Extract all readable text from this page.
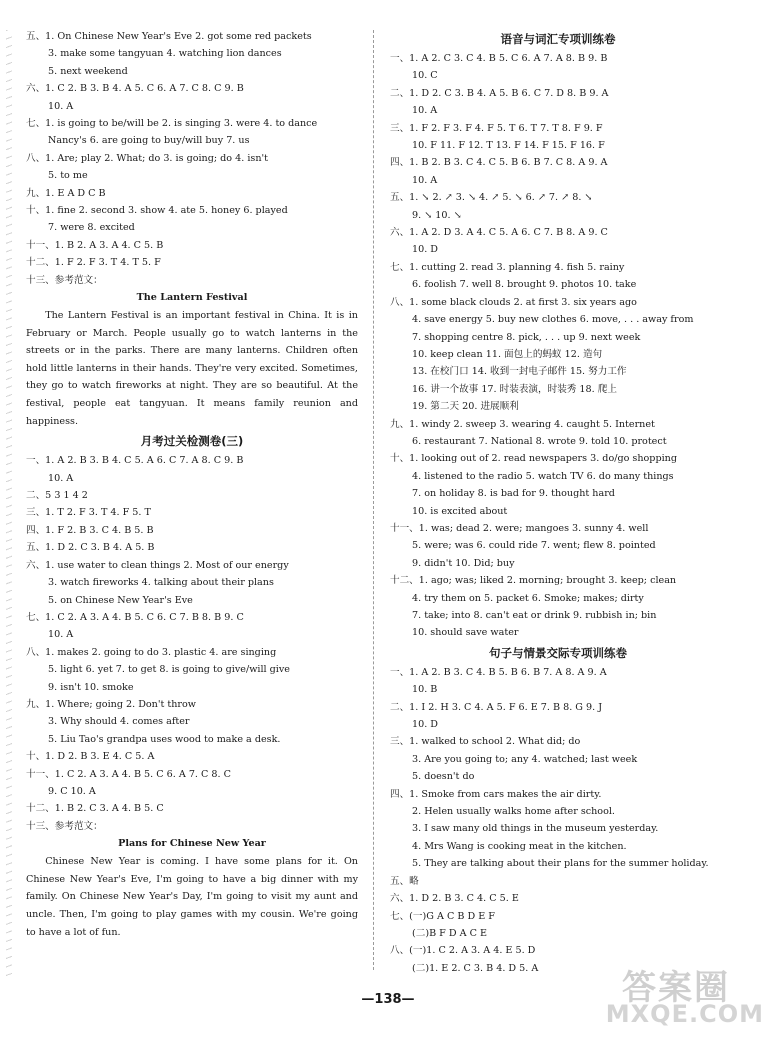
五、1. On Chinese New Year's Eve 2. got some red packets
3. make some tangyuan 4. watching lion dances
5. next weekend
六、1. C 2. B 3. B 4. A 5. C 6. A 7. C 8. C 9. B
10. A
七、1. is going to be/will be 2. is singing 3. were 4. to dance
Nancy's 6. are going to buy/will buy 7. us
八、1. Are; play 2. What; do 3. is going; do 4. isn't
5. to me
九、1. E A D C B
十、1. fine 2. second 3. show 4. ate 5. honey 6. played
7. were 8. excited
十一、1. B 2. A 3. A 4. C 5. B
十二、1. F 2. F 3. T 4. T 5. F
十三、参考范文：
The Lantern Festival
The Lantern Festival is an important festival in China. It is in February or March. People usually go to watch lanterns in the streets or in the parks. There are many lanterns. Children often hold little lanterns in their hands. They're very excited. Sometimes, they go to watch fireworks at night. They are so beautiful. At the festival, people eat tangyuan. It means family reunion and happiness.
月考过关检测卷(三)
一、1. A 2. B 3. B 4. C 5. A 6. C 7. A 8. C 9. B
10. A
二、5 3 1 4 2
三、1. T 2. F 3. T 4. F 5. T
四、1. F 2. B 3. C 4. B 5. B
五、1. D 2. C 3. B 4. A 5. B
六、1. use water to clean things 2. Most of our energy
3. watch fireworks 4. talking about their plans
5. on Chinese New Year's Eve
七、1. C 2. A 3. A 4. B 5. C 6. C 7. B 8. B 9. C
10. A
八、1. makes 2. going to do 3. plastic 4. are singing
5. light 6. yet 7. to get 8. is going to give/will give
9. isn't 10. smoke
九、1. Where; going 2. Don't throw
3. Why should 4. comes after
5. Liu Tao's grandpa uses wood to make a desk.
十、1. D 2. B 3. E 4. C 5. A
十一、1. C 2. A 3. A 4. B 5. C 6. A 7. C 8. C
9. C 10. A
十二、1. B 2. C 3. A 4. B 5. C
十三、参考范文：
Plans for Chinese New Year
Chinese New Year is coming. I have some plans for it. On Chinese New Year's Eve, I'm going to have a big dinner with my family. On Chinese New Year's Day, I'm going to visit my aunt and uncle. Then, I'm going to play games with my cousin. We're going to have a lot of fun.
语音与词汇专项训练卷
一、1. A 2. C 3. C 4. B 5. C 6. A 7. A 8. B 9. B
10. C
二、1. D 2. C 3. B 4. A 5. B 6. C 7. D 8. B 9. A
10. A
三、1. F 2. F 3. F 4. F 5. T 6. T 7. T 8. F 9. F
10. F 11. F 12. T 13. F 14. F 15. F 16. F
四、1. B 2. B 3. C 4. C 5. B 6. B 7. C 8. A 9. A
10. A
五、1. ↘ 2. ↗ 3. ↘ 4. ↗ 5. ↘ 6. ↗ 7. ↗ 8. ↘
9. ↘ 10. ↘
六、1. A 2. D 3. A 4. C 5. A 6. C 7. B 8. A 9. C
10. D
七、1. cutting 2. read 3. planning 4. fish 5. rainy
6. foolish 7. well 8. brought 9. photos 10. take
八、1. some black clouds 2. at first 3. six years ago
4. save energy 5. buy new clothes 6. move, . . . away from
7. shopping centre 8. pick, . . . up 9. next week
10. keep clean 11. 面包上的蚂蚁 12. 造句
13. 在校门口 14. 收到一封电子邮件 15. 努力工作
16. 讲一个故事 17. 时装表演，时装秀 18. 爬上
19. 第二天 20. 进展顺利
九、1. windy 2. sweep 3. wearing 4. caught 5. Internet
6. restaurant 7. National 8. wrote 9. told 10. protect
十、1. looking out of 2. read newspapers 3. do/go shopping
4. listened to the radio 5. watch TV 6. do many things
7. on holiday 8. is bad for 9. thought hard
10. is excited about
十一、1. was; dead 2. were; mangoes 3. sunny 4. well
5. were; was 6. could ride 7. went; flew 8. pointed
9. didn't 10. Did; buy
十二、1. ago; was; liked 2. morning; brought 3. keep; clean
4. try them on 5. packet 6. Smoke; makes; dirty
7. take; into 8. can't eat or drink 9. rubbish in; bin
10. should save water
句子与情景交际专项训练卷
一、1. A 2. B 3. C 4. B 5. B 6. B 7. A 8. A 9. A
10. B
二、1. I 2. H 3. C 4. A 5. F 6. E 7. B 8. G 9. J
10. D
三、1. walked to school 2. What did; do
3. Are you going to; any 4. watched; last week
5. doesn't do
四、1. Smoke from cars makes the air dirty.
2. Helen usually walks home after school.
3. I saw many old things in the museum yesterday.
4. Mrs Wang is cooking meat in the kitchen.
5. They are talking about their plans for the summer holiday.
五、略
六、1. D 2. B 3. C 4. C 5. E
七、(一)G A C B D E F
(二)B F D A C E
八、(一)1. C 2. A 3. A 4. E 5. D
(二)1. E 2. C 3. B 4. D 5. A
—138—	答案圈
MXQE.COM
